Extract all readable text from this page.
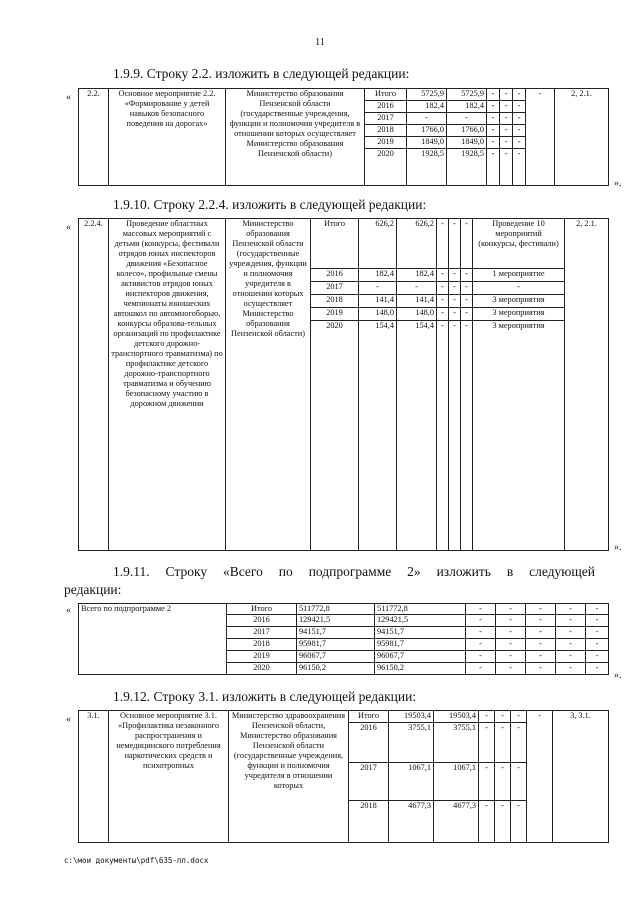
11
1.9.9. Строку 2.2. изложить в следующей редакции:
«
».
2.2.	Основное мероприятие 2.2. «Формирование у детей навыков безопасного поведения на дорогах»	Министерство образования Пензенской области (государственные учреждения, функции и полномочия учредителя в отношении которых осуществляет Министерство образования Пензенской области)	Итого	5725,9	5725,9	-	-	-	-	2, 2.1.
			2016	182,4	182,4	-	-	-		
			2017	-	-	-	-	-		
			2018	1766,0	1766,0	-	-	-		
			2019	1849,0	1849,0	-	-	-		
			2020	1928,5	1928,5	-	-	-		
1.9.10. Строку 2.2.4. изложить в следующей редакции:
«
».
2.2.4.	Проведение областных массовых мероприятий с детьми (конкурсы, фестивали отрядов юных инспекторов движения «Безопасное колесо», профильные смены активистов отрядов юных инспекторов движения, чемпионаты юношеских автошкол по автомногоборью, конкурсы образова-тельных организаций по профилактике детского дорожно-транспортного травматизма) по профилактике детского дорожно-транспортного травматизма и обучению безопасному участию в дорожном движении	Министерство образования Пензенской области (государственные учреждения, функции и полномочия учредителя в отношении которых осуществляет Министерство образования Пензенской области)	Итого	626,2	626,2	-	-	-	Проведение 10 мероприятий (конкурсы, фестивали)	2, 2.1.
			2016	182,4	182,4	-	-	-	1 мероприятие	
			2017	-	-	-	-	-	-	
			2018	141,4	141,4	-	-	-	3 мероприятия	
			2019	148,0	148,0	-	-	-	3 мероприятия	
			2020	154,4	154,4	-	-	-	3 мероприятия	
1.9.11. Строку «Всего по подпрограмме 2» изложить в следующей
редакции:
«
».
Всего по подпрограмме 2	Итого	511772,8	511772,8	-	-	-	-	-
	2016	129421,5	129421,5	-	-	-	-	-
	2017	94151,7	94151,7	-	-	-	-	-
	2018	95981,7	95981,7	-	-	-	-	-
	2019	96067,7	96067,7	-	-	-	-	-
	2020	96150,2	96150,2	-	-	-	-	-
1.9.12. Строку 3.1. изложить в следующей редакции:
« 3.1.	Основное мероприятие 3.1. «Профилактика незаконного распространения и немедицинского потребления наркотических средств и психотропных	Министерство здравоохранения Пензенской области, Министерство образования Пензенской области (государственные учреждения, функции и полномочия учредителя в отношении которых	Итого	19503,4	19503,4	-	-	-	-	3, 3.1.
			2016	3755,1	3755,1	-	-	-		
			2017	1067,1	1067,1	-	-	-		
			2018	4677,3	4677,3	-	-	-		
c:\мои документы\pdf\635-пп.docx
